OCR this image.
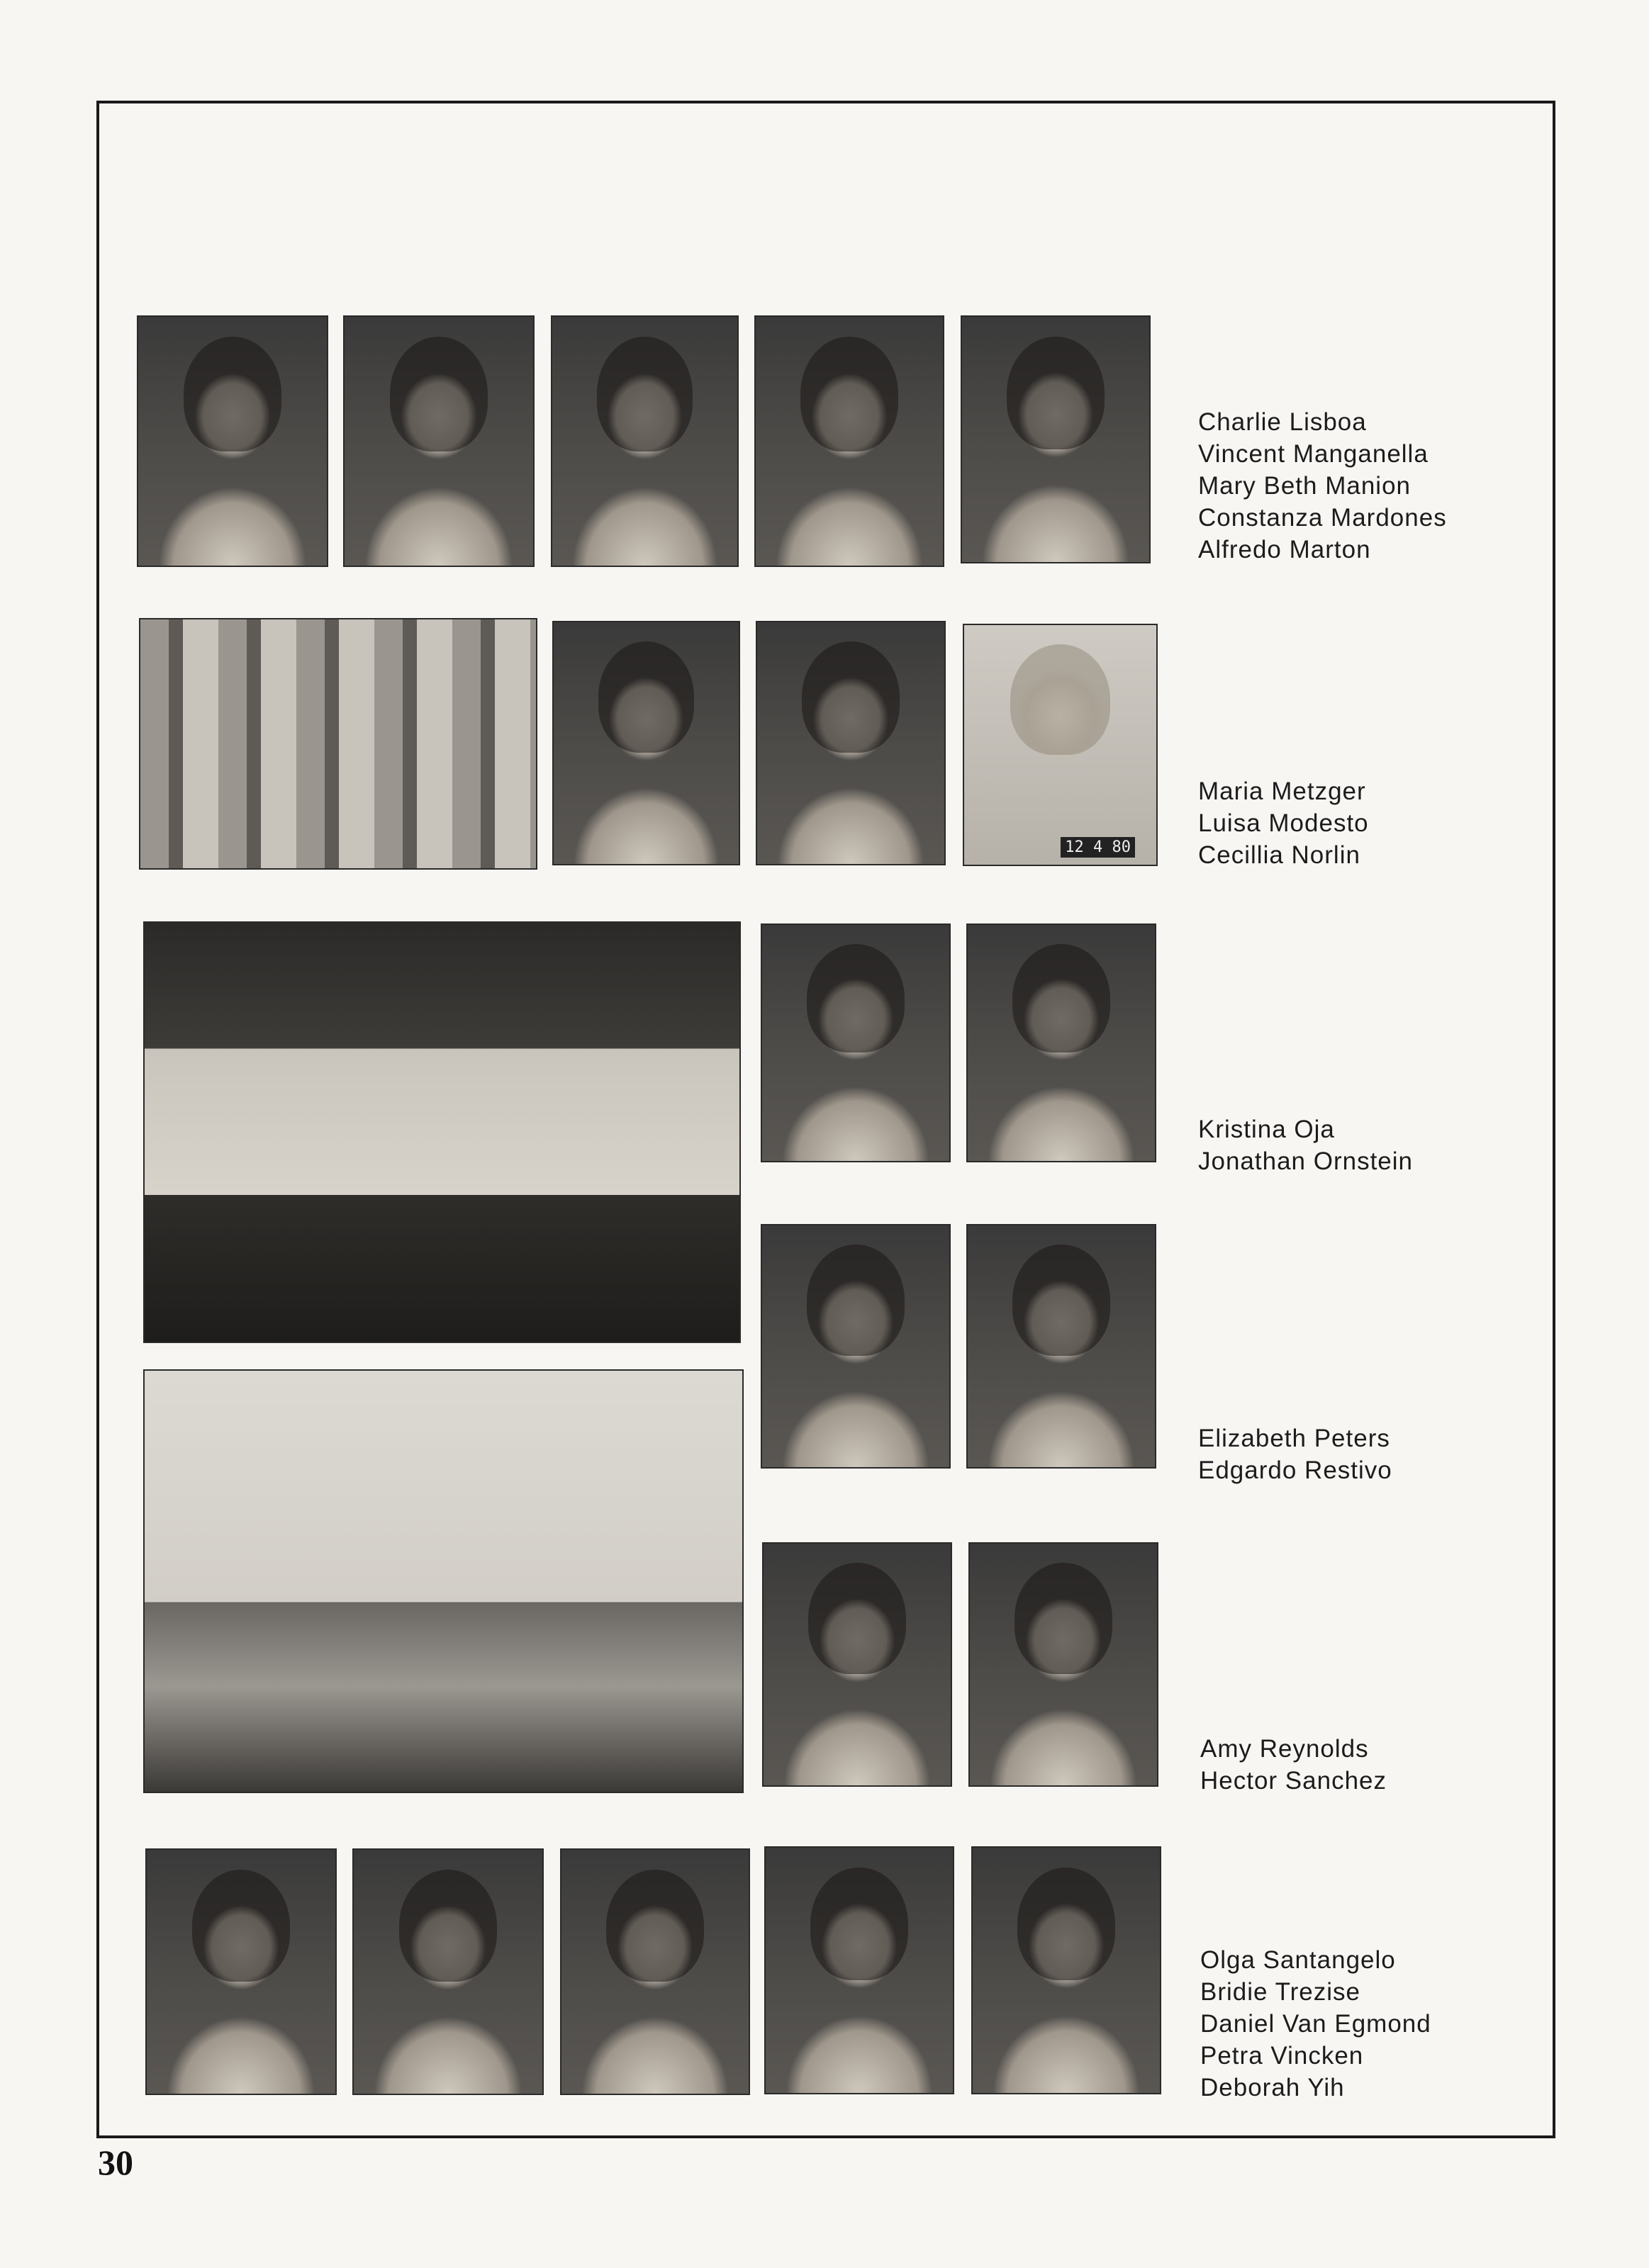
Charlie Lisboa
Vincent Manganella
Mary Beth Manion
Constanza Mardones
Alfredo Marton
12 4 80
Maria Metzger
Luisa Modesto
Cecillia Norlin
Kristina Oja
Jonathan Ornstein
Elizabeth Peters
Edgardo Restivo
Amy Reynolds
Hector Sanchez
Olga Santangelo
Bridie Trezise
Daniel Van Egmond
Petra Vincken
Deborah Yih
30
